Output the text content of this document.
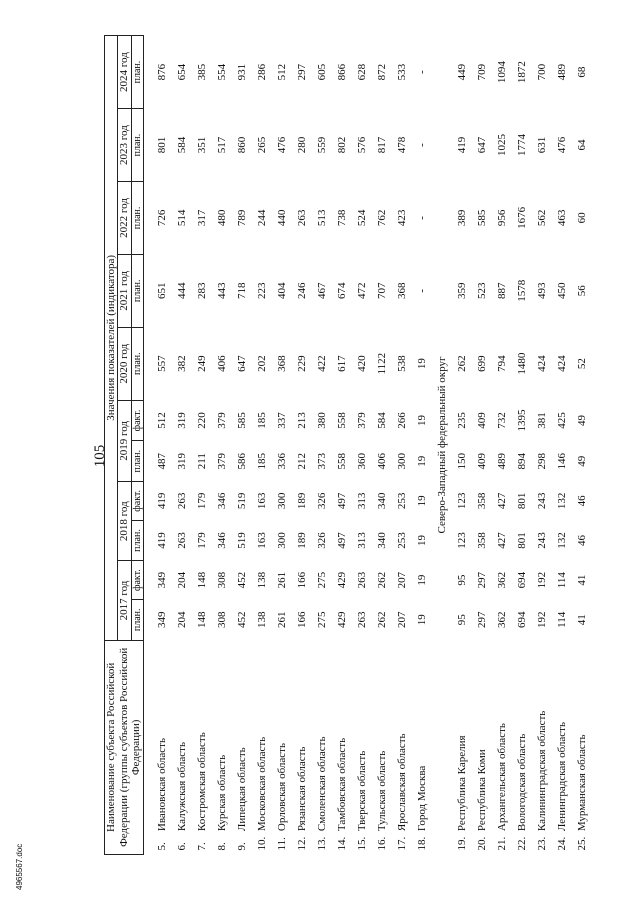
105
Наименование субъекта Российской Федерации (группы субъектов Российской Федерации)		Значения показателей (индикатора)										
		2017 год		2018 год		2019 год		2020 год	2021 год	2022 год	2023 год	2024 год
		план.	факт.	план.	факт.	план.	факт.	план.	план.	план.	план.	план.

5.	Ивановская область	349	349	419	419	487	512	557	651	726	801	876
6.	Калужская область	204	204	263	263	319	319	382	444	514	584	654
7.	Костромская область	148	148	179	179	211	220	249	283	317	351	385
8.	Курская область	308	308	346	346	379	379	406	443	480	517	554
9.	Липецкая область	452	452	519	519	586	585	647	718	789	860	931
10.	Московская область	138	138	163	163	185	185	202	223	244	265	286
11.	Орловская область	261	261	300	300	336	337	368	404	440	476	512
12.	Рязанская область	166	166	189	189	212	213	229	246	263	280	297
13.	Смоленская область	275	275	326	326	373	380	422	467	513	559	605
14.	Тамбовская область	429	429	497	497	558	558	617	674	738	802	866
15.	Тверская область	263	263	313	313	360	379	420	472	524	576	628
16.	Тульская область	262	262	340	340	406	584	1122	707	762	817	872
17.	Ярославская область	207	207	253	253	300	266	538	368	423	478	533
18.	Город Москва	19	19	19	19	19	19	19	-	-	-	-
Северо-Западный федеральный округ												
19.	Республика Карелия	95	95	123	123	150	235	262	359	389	419	449
20.	Республика Коми	297	297	358	358	409	409	699	523	585	647	709
21.	Архангельская область	362	362	427	427	489	732	794	887	956	1025	1094
22.	Вологодская область	694	694	801	801	894	1395	1480	1578	1676	1774	1872
23.	Калининградская область	192	192	243	243	298	381	424	493	562	631	700
24.	Ленинградская область	114	114	132	132	146	425	424	450	463	476	489
25.	Мурманская область	41	41	46	46	49	49	52	56	60	64	68
4965567.doc
